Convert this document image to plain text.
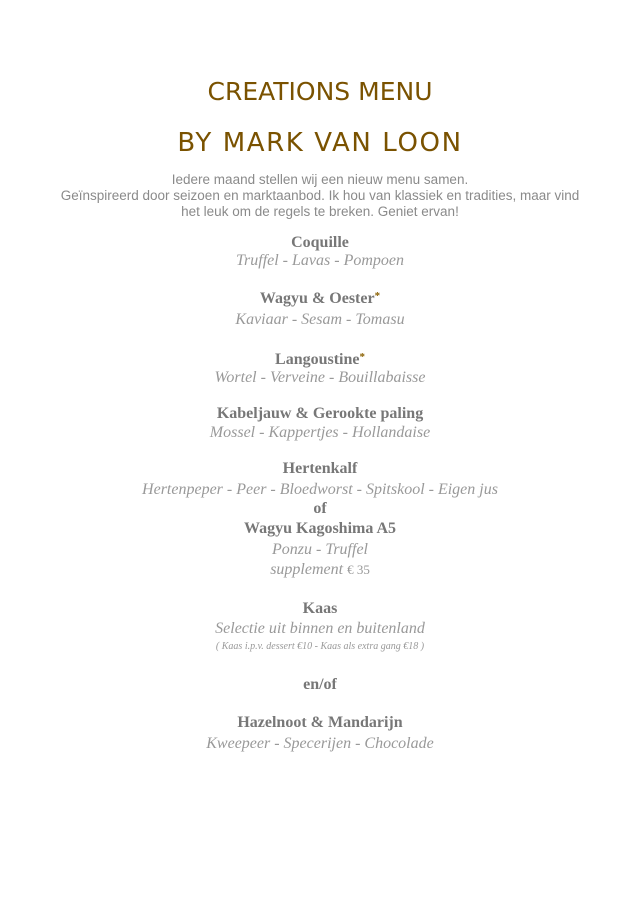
CREATIONS MENU
BY MARK VAN LOON
Iedere maand stellen wij een nieuw menu samen.
Geïnspireerd door seizoen en marktaanbod. Ik hou van klassiek en tradities, maar vind
het leuk om de regels te breken. Geniet ervan!
Coquille
Truffel - Lavas - Pompoen
Wagyu & Oester*
Kaviaar - Sesam - Tomasu
Langoustine*
Wortel - Verveine - Bouillabaisse
Kabeljauw & Gerookte paling
Mossel - Kappertjes - Hollandaise
Hertenkalf
Hertenpeper - Peer - Bloedworst - Spitskool - Eigen jus
of
Wagyu Kagoshima A5
Ponzu - Truffel
supplement € 35
Kaas
Selectie uit binnen en buitenland
( Kaas i.p.v. dessert €10 - Kaas als extra gang €18 )
en/of
Hazelnoot & Mandarijn
Kweepeer - Specerijen - Chocolade
